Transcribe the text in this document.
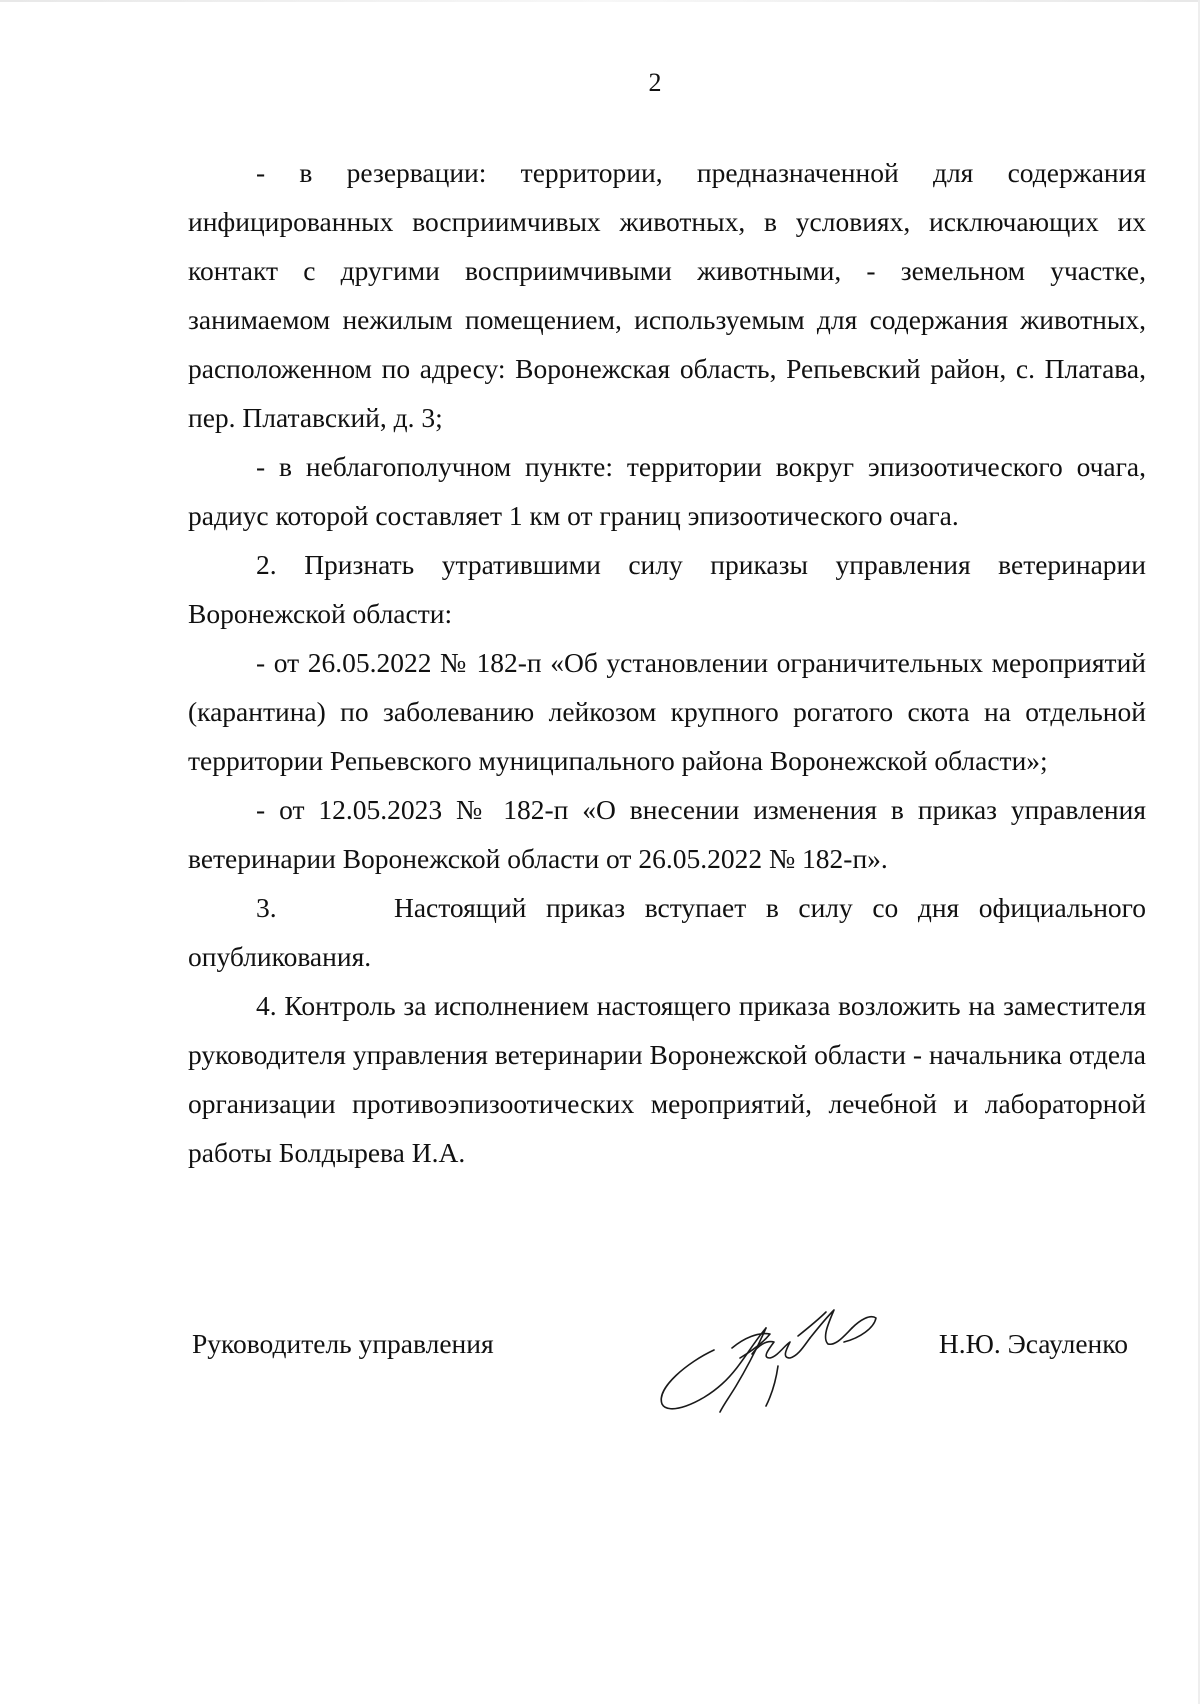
2

- в резервации: территории, предназначенной для содержания инфицированных восприимчивых животных, в условиях, исключающих их контакт с другими восприимчивыми животными, - земельном участке, занимаемом нежилым помещением, используемым для содержания животных, расположенном по адресу: Воронежская область, Репьевский район, с. Платава, пер. Платавский, д. 3;

- в неблагополучном пункте: территории вокруг эпизоотического очага, радиус которой составляет 1 км от границ эпизоотического очага.

2. Признать утратившими силу приказы управления ветеринарии Воронежской области:

- от 26.05.2022 № 182-п «Об установлении ограничительных мероприятий (карантина) по заболеванию лейкозом крупного рогатого скота на отдельной территории Репьевского муниципального района Воронежской области»;

- от 12.05.2023 № 182-п «О внесении изменения в приказ управления ветеринарии Воронежской области от 26.05.2022 № 182-п».

3.      Настоящий приказ вступает в силу со дня официального опубликования.

4. Контроль за исполнением настоящего приказа возложить на заместителя руководителя управления ветеринарии Воронежской области - начальника отдела организации противоэпизоотических мероприятий, лечебной и лабораторной работы Болдырева И.А.

Руководитель управления	Н.Ю. Эсауленко
